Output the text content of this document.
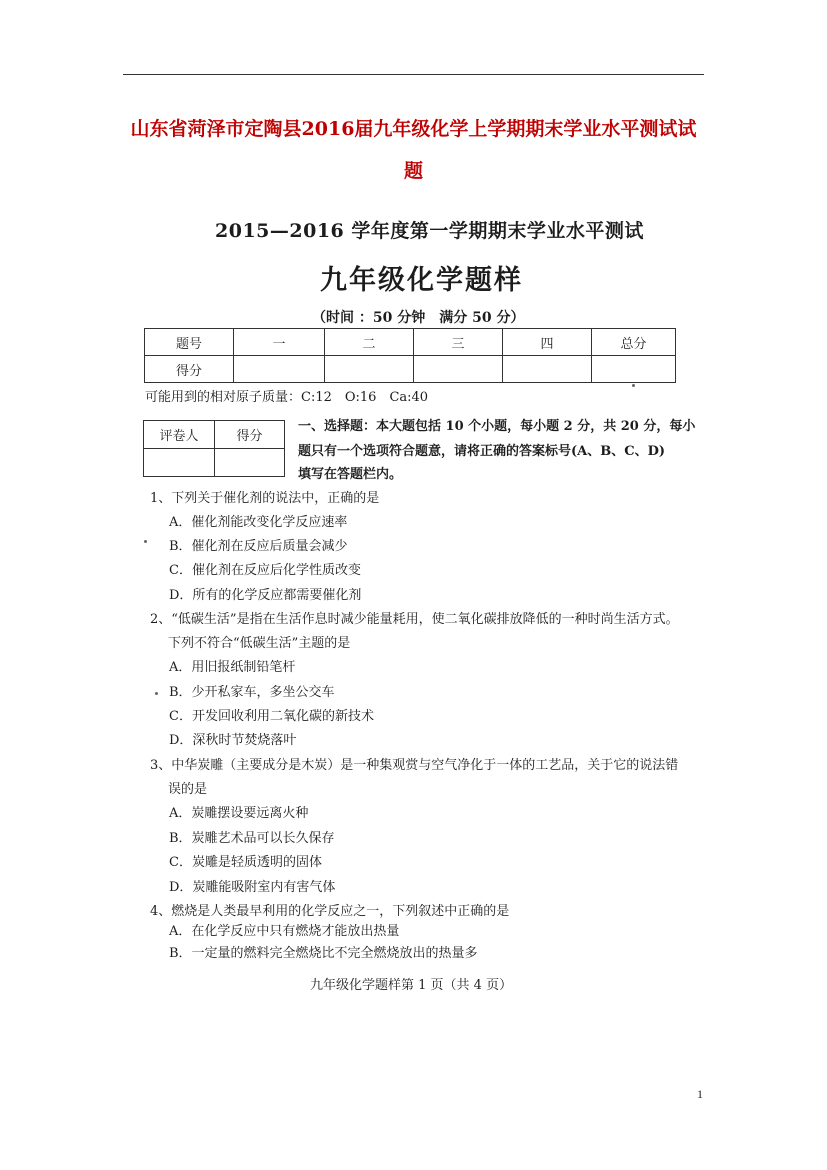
山东省菏泽市定陶县2016届九年级化学上学期期末学业水平测试试
题
2015—2016 学年度第一学期期末学业水平测试
九年级化学题样
（时间 ：50 分钟　满分 50 分）
题号	一	二	三	四	总分
得分					
可能用到的相对原子质量：C:12　O:16　Ca:40
评卷人	得分

一、选择题：本大题包括 10 个小题，每小题 2 分，共 20 分，每小
题只有一个选项符合题意，请将正确的答案标号(A、B、C、D)
填写在答题栏内。
1、下列关于催化剂的说法中，正确的是
A．催化剂能改变化学反应速率
B．催化剂在反应后质量会减少
C．催化剂在反应后化学性质改变
D．所有的化学反应都需要催化剂
2、“低碳生活”是指在生活作息时减少能量耗用，使二氧化碳排放降低的一种时尚生活方式。
下列不符合“低碳生活”主题的是
A．用旧报纸制铅笔杆
B．少开私家车，多坐公交车
C．开发回收利用二氧化碳的新技术
D．深秋时节焚烧落叶
3、中华炭雕（主要成分是木炭）是一种集观赏与空气净化于一体的工艺品，关于它的说法错
误的是
A．炭雕摆设要远离火种
B．炭雕艺术品可以长久保存
C．炭雕是轻质透明的固体
D．炭雕能吸附室内有害气体
4、燃烧是人类最早利用的化学反应之一，下列叙述中正确的是
A．在化学反应中只有燃烧才能放出热量
B．一定量的燃料完全燃烧比不完全燃烧放出的热量多
九年级化学题样第 1 页（共 4 页）
1
